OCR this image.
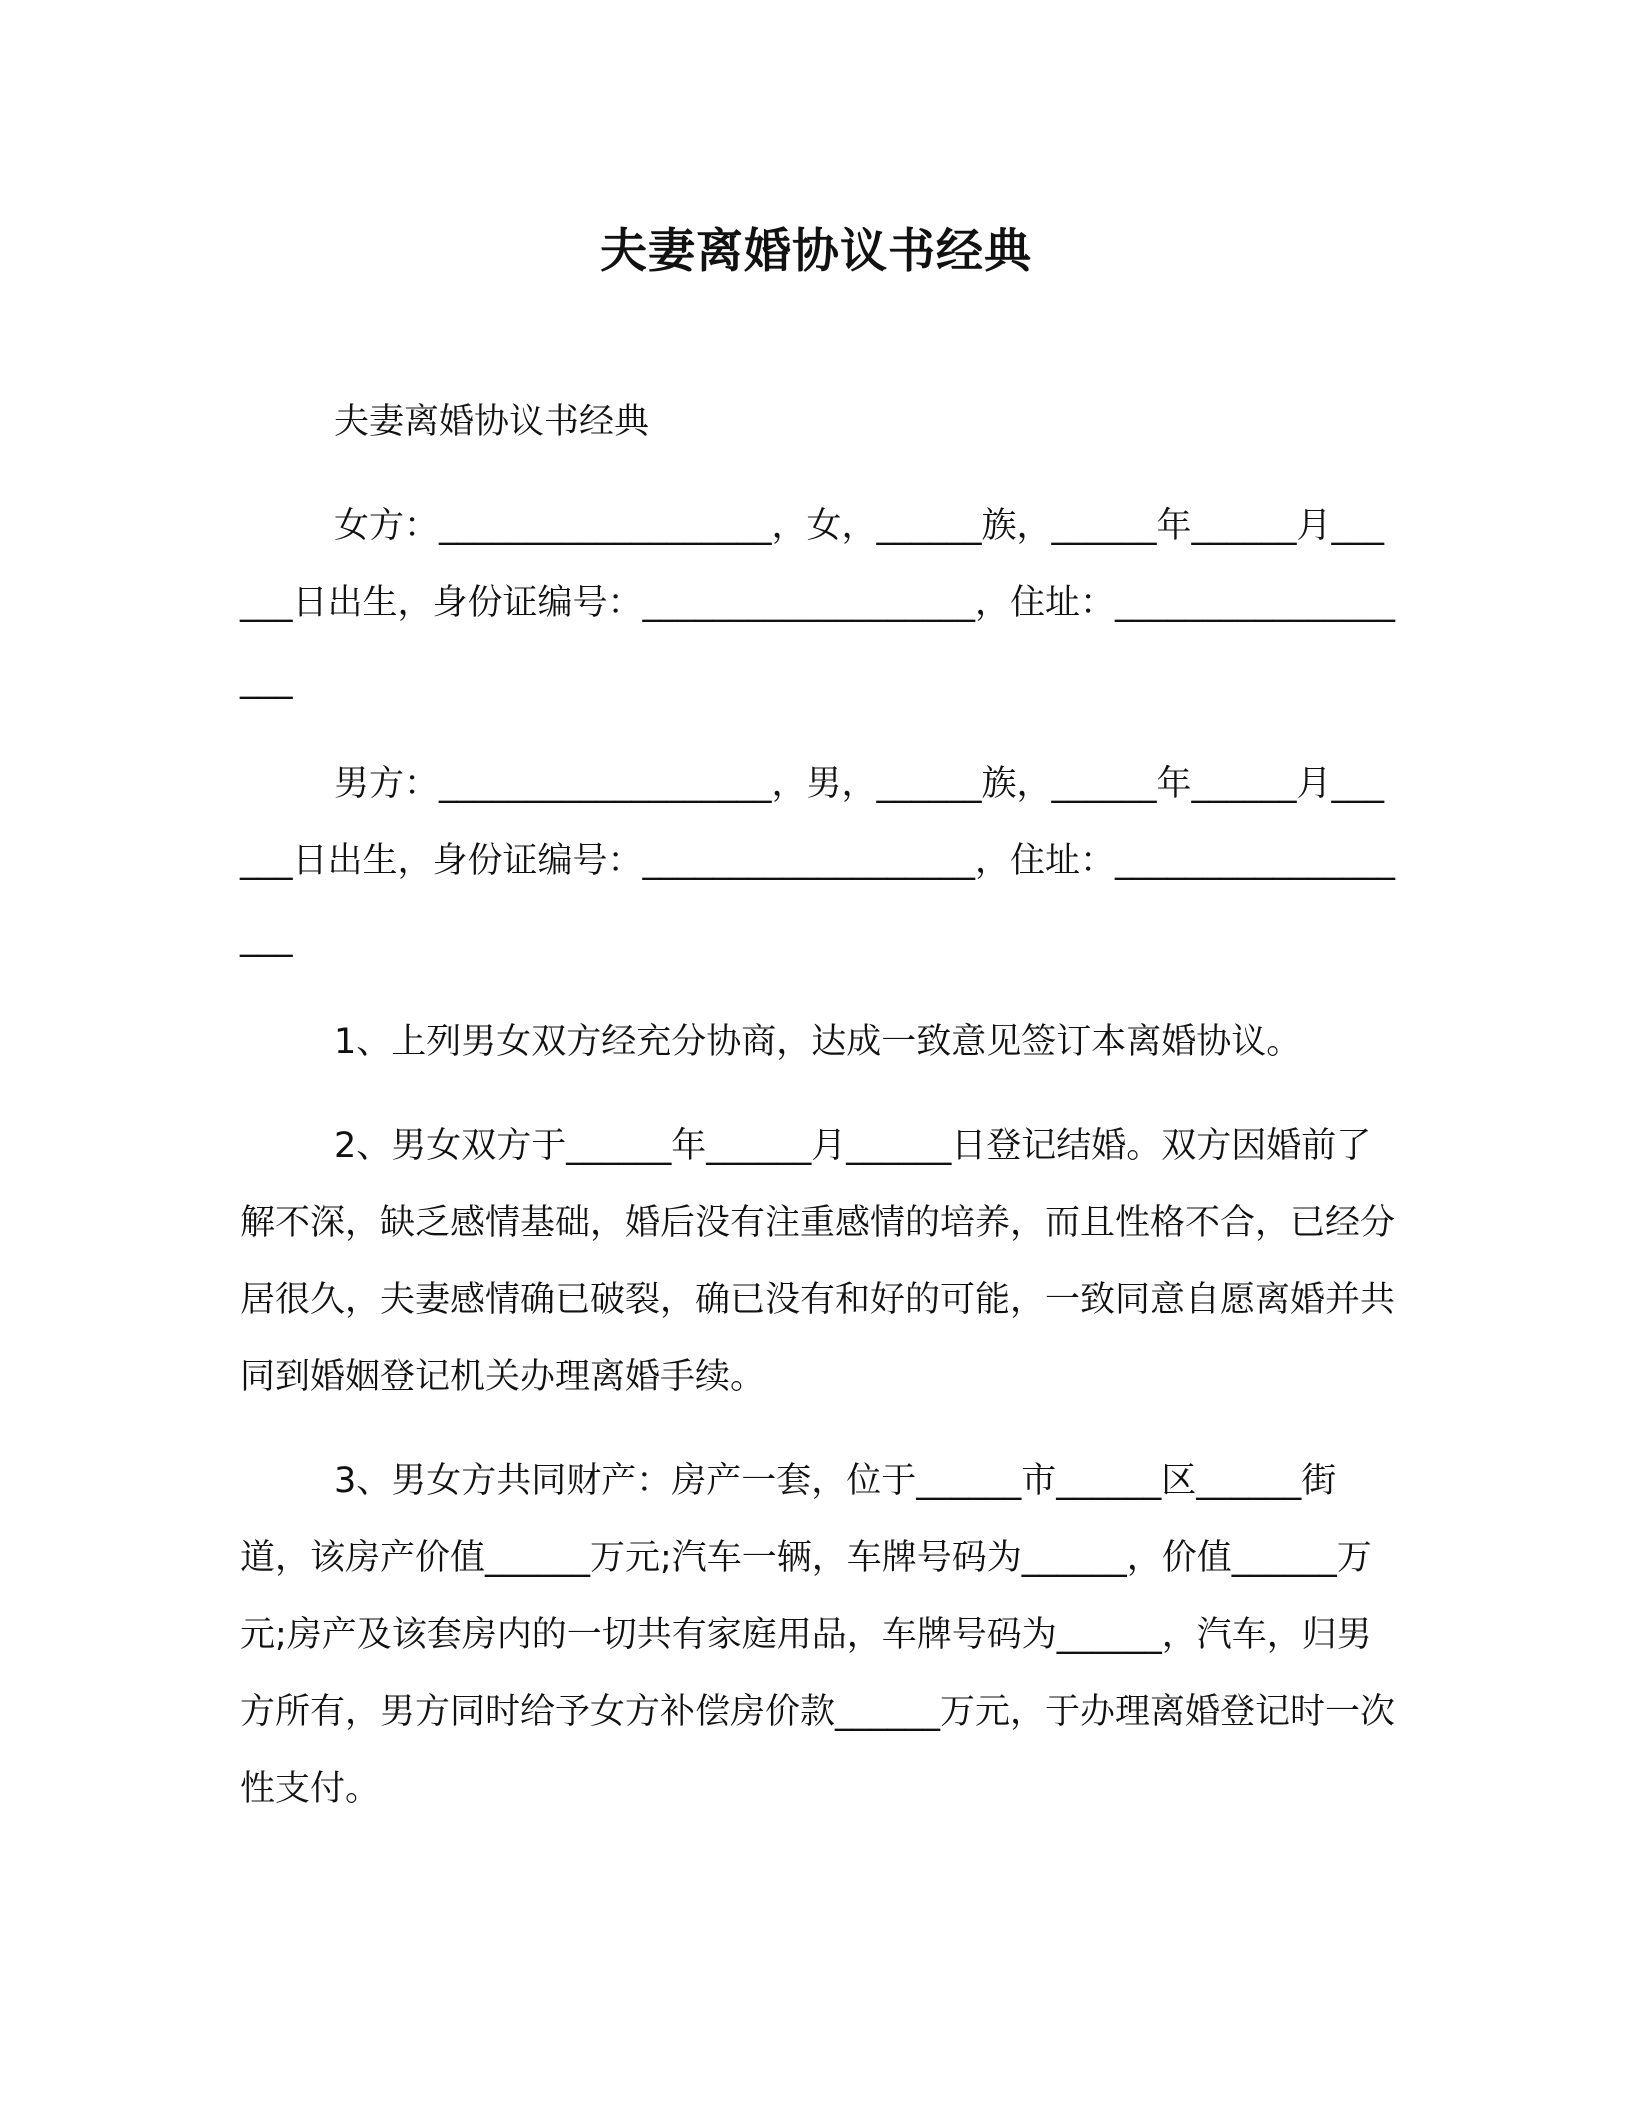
夫妻离婚协议书经典

夫妻离婚协议书经典

女方：___________________，女，______族，______年______月______日出生，身份证编号：___________________，住址：___________________

男方：___________________，男，______族，______年______月______日出生，身份证编号：___________________，住址：___________________

1、上列男女双方经充分协商，达成一致意见签订本离婚协议。

2、男女双方于______年______月______日登记结婚。双方因婚前了解不深，缺乏感情基础，婚后没有注重感情的培养，而且性格不合，已经分居很久，夫妻感情确已破裂，确已没有和好的可能，一致同意自愿离婚并共同到婚姻登记机关办理离婚手续。

3、男女方共同财产：房产一套，位于______市______区______街道，该房产价值______万元;汽车一辆，车牌号码为______，价值______万元;房产及该套房内的一切共有家庭用品，车牌号码为______，汽车，归男方所有，男方同时给予女方补偿房价款______万元，于办理离婚登记时一次性支付。
